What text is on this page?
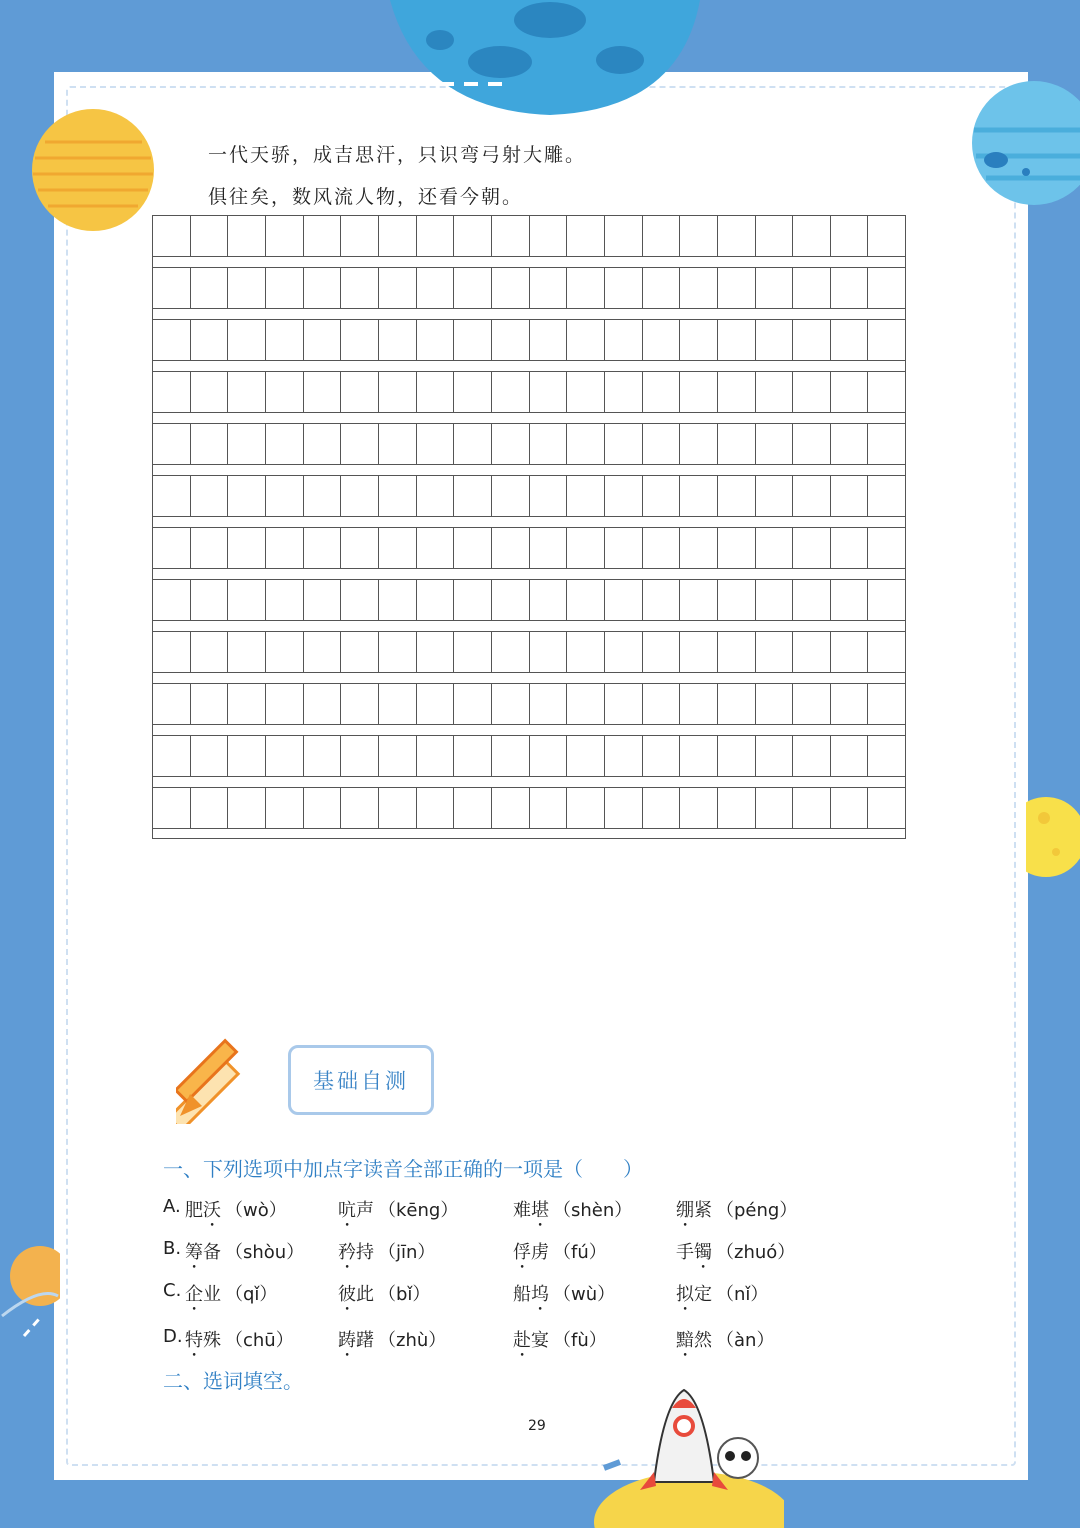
一代天骄，成吉思汗，只识弯弓射大雕。
俱往矣，数风流人物，还看今朝。
基础自测
一、下列选项中加点字读音全部正确的一项是（　　）
A. 肥沃 （wò）	吭声 （kēng）	难堪 （shèn） 绷紧 （péng）
B. 筹备 （shòu） 矜持 （jīn）	俘虏 （fú）	手镯 （zhuó）
C. 企业 （qǐ）	彼此 （bǐ）	船坞 （wù）	拟定 （nǐ）
D. 特殊 （chū） 踌躇 （zhù）	赴宴 （fù）	黯然 （àn）
二、选词填空。
29
